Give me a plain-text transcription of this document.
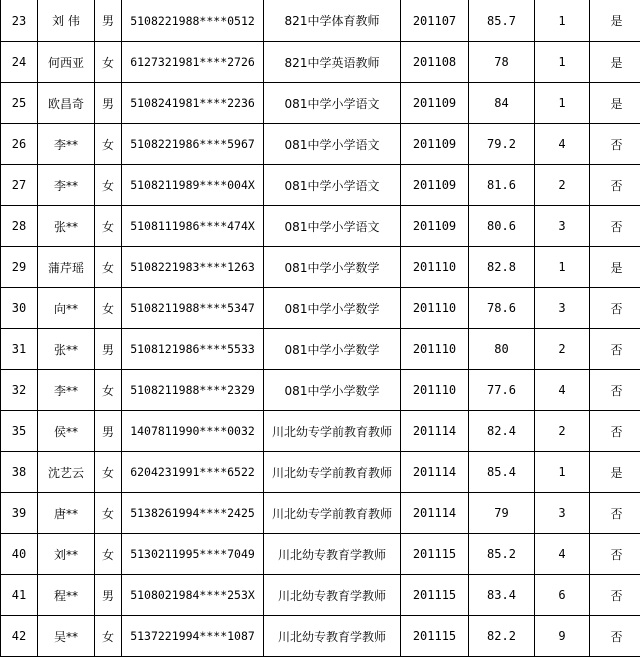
23	刘 伟	男	5108221988****0512	821中学体育教师	201107	85.7	1	是
24	何西亚	女	6127321981****2726	821中学英语教师	201108	78	1	是
25	欧昌奇	男	5108241981****2236	081中学小学语文	201109	84	1	是
26	李**	女	5108221986****5967	081中学小学语文	201109	79.2	4	否
27	李**	女	5108211989****004X	081中学小学语文	201109	81.6	2	否
28	张**	女	5108111986****474X	081中学小学语文	201109	80.6	3	否
29	蒲芹瑶	女	5108221983****1263	081中学小学数学	201110	82.8	1	是
30	向**	女	5108211988****5347	081中学小学数学	201110	78.6	3	否
31	张**	男	5108121986****5533	081中学小学数学	201110	80	2	否
32	李**	女	5108211988****2329	081中学小学数学	201110	77.6	4	否
35	侯**	男	1407811990****0032	川北幼专学前教育教师	201114	82.4	2	否
38	沈艺云	女	6204231991****6522	川北幼专学前教育教师	201114	85.4	1	是
39	唐**	女	5138261994****2425	川北幼专学前教育教师	201114	79	3	否
40	刘**	女	5130211995****7049	川北幼专教育学教师	201115	85.2	4	否
41	程**	男	5108021984****253X	川北幼专教育学教师	201115	83.4	6	否
42	吴**	女	5137221994****1087	川北幼专教育学教师	201115	82.2	9	否
